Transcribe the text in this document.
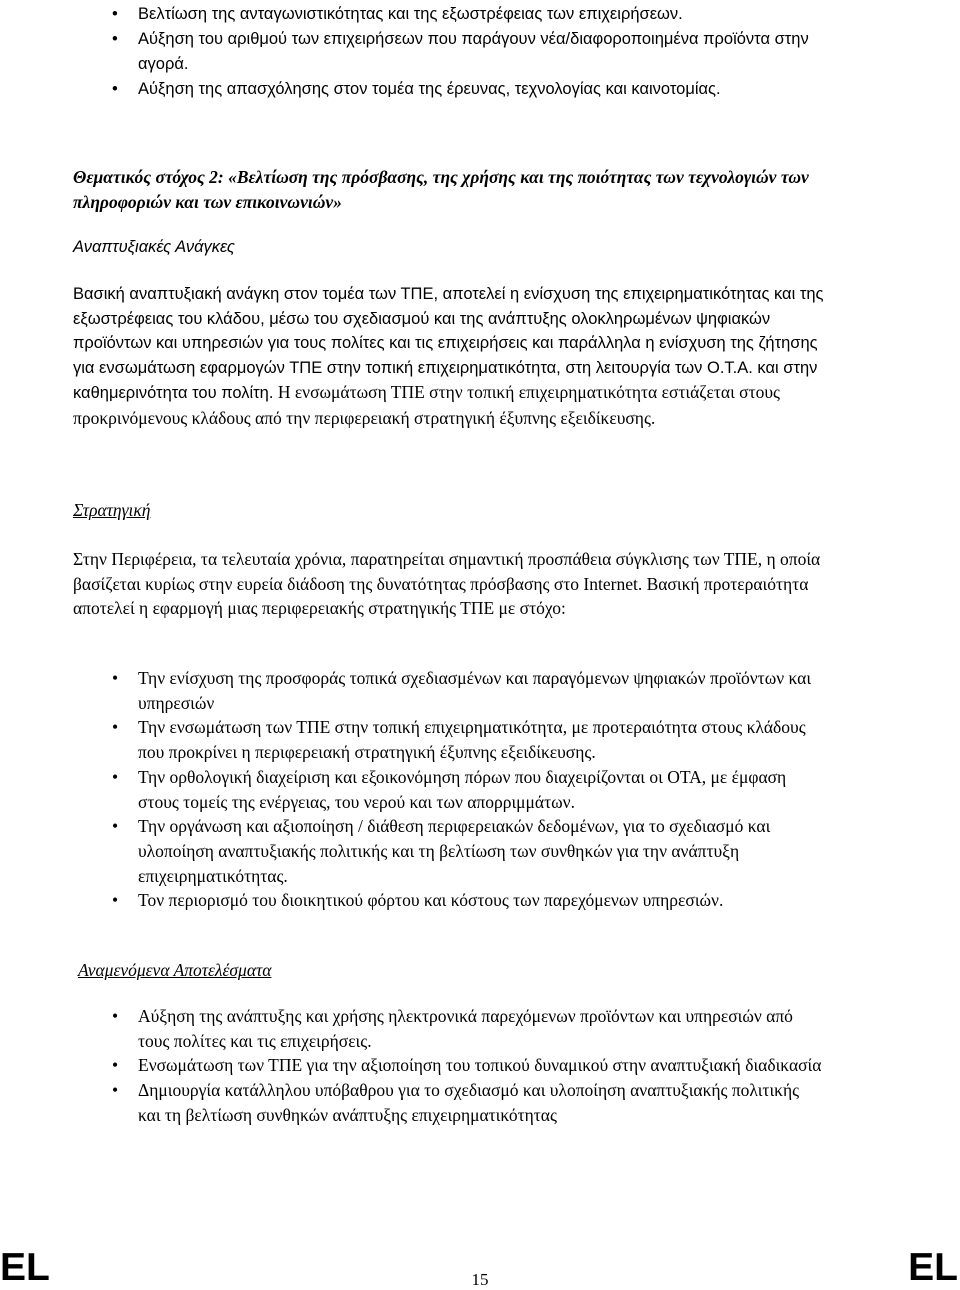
• Βελτίωση της ανταγωνιστικότητας και της εξωστρέφειας των επιχειρήσεων.
• Αύξηση του αριθμού των επιχειρήσεων που παράγουν νέα/διαφοροποιημένα προϊόντα στην αγορά.
• Αύξηση της απασχόλησης στον τομέα της έρευνας, τεχνολογίας και καινοτομίας.

Θεματικός στόχος 2: «Βελτίωση της πρόσβασης, της χρήσης και της ποιότητας των τεχνολογιών των πληροφοριών και των επικοινωνιών»

Αναπτυξιακές Ανάγκες

Βασική αναπτυξιακή ανάγκη στον τομέα των ΤΠΕ, αποτελεί η ενίσχυση της επιχειρηματικότητας και της εξωστρέφειας του κλάδου, μέσω του σχεδιασμού και της ανάπτυξης ολοκληρωμένων ψηφιακών προϊόντων και υπηρεσιών για τους πολίτες και τις επιχειρήσεις και παράλληλα η ενίσχυση της ζήτησης για ενσωμάτωση εφαρμογών ΤΠΕ στην τοπική επιχειρηματικότητα, στη λειτουργία των Ο.Τ.Α. και στην καθημερινότητα του πολίτη. Η ενσωμάτωση ΤΠΕ στην τοπική επιχειρηματικότητα εστιάζεται στους προκρινόμενους κλάδους από την περιφερειακή στρατηγική έξυπνης εξειδίκευσης.

Στρατηγική

Στην Περιφέρεια, τα τελευταία χρόνια, παρατηρείται σημαντική προσπάθεια σύγκλισης των ΤΠΕ, η οποία βασίζεται κυρίως στην ευρεία διάδοση της δυνατότητας πρόσβασης στο Internet. Βασική προτεραιότητα αποτελεί η εφαρμογή μιας περιφερειακής στρατηγικής ΤΠΕ με στόχο:

• Την ενίσχυση της προσφοράς τοπικά σχεδιασμένων και παραγόμενων ψηφιακών προϊόντων και υπηρεσιών
• Την ενσωμάτωση των ΤΠΕ στην τοπική επιχειρηματικότητα, με προτεραιότητα στους κλάδους που προκρίνει η περιφερειακή στρατηγική έξυπνης εξειδίκευσης.
• Την ορθολογική διαχείριση και εξοικονόμηση πόρων που διαχειρίζονται οι ΟΤΑ, με έμφαση στους τομείς της ενέργειας, του νερού και των απορριμμάτων.
• Την οργάνωση και αξιοποίηση / διάθεση περιφερειακών δεδομένων, για το σχεδιασμό και υλοποίηση αναπτυξιακής πολιτικής και τη βελτίωση των συνθηκών για την ανάπτυξη επιχειρηματικότητας.
• Τον περιορισμό του διοικητικού φόρτου και κόστους των παρεχόμενων υπηρεσιών.

Αναμενόμενα Αποτελέσματα

• Αύξηση της ανάπτυξης και χρήσης ηλεκτρονικά παρεχόμενων προϊόντων και υπηρεσιών από τους πολίτες και τις επιχειρήσεις.
• Ενσωμάτωση των ΤΠΕ για την αξιοποίηση του τοπικού δυναμικού στην αναπτυξιακή διαδικασία
• Δημιουργία κατάλληλου υπόβαθρου για το σχεδιασμό και υλοποίηση αναπτυξιακής πολιτικής και τη βελτίωση συνθηκών ανάπτυξης επιχειρηματικότητας
EL	15	EL
